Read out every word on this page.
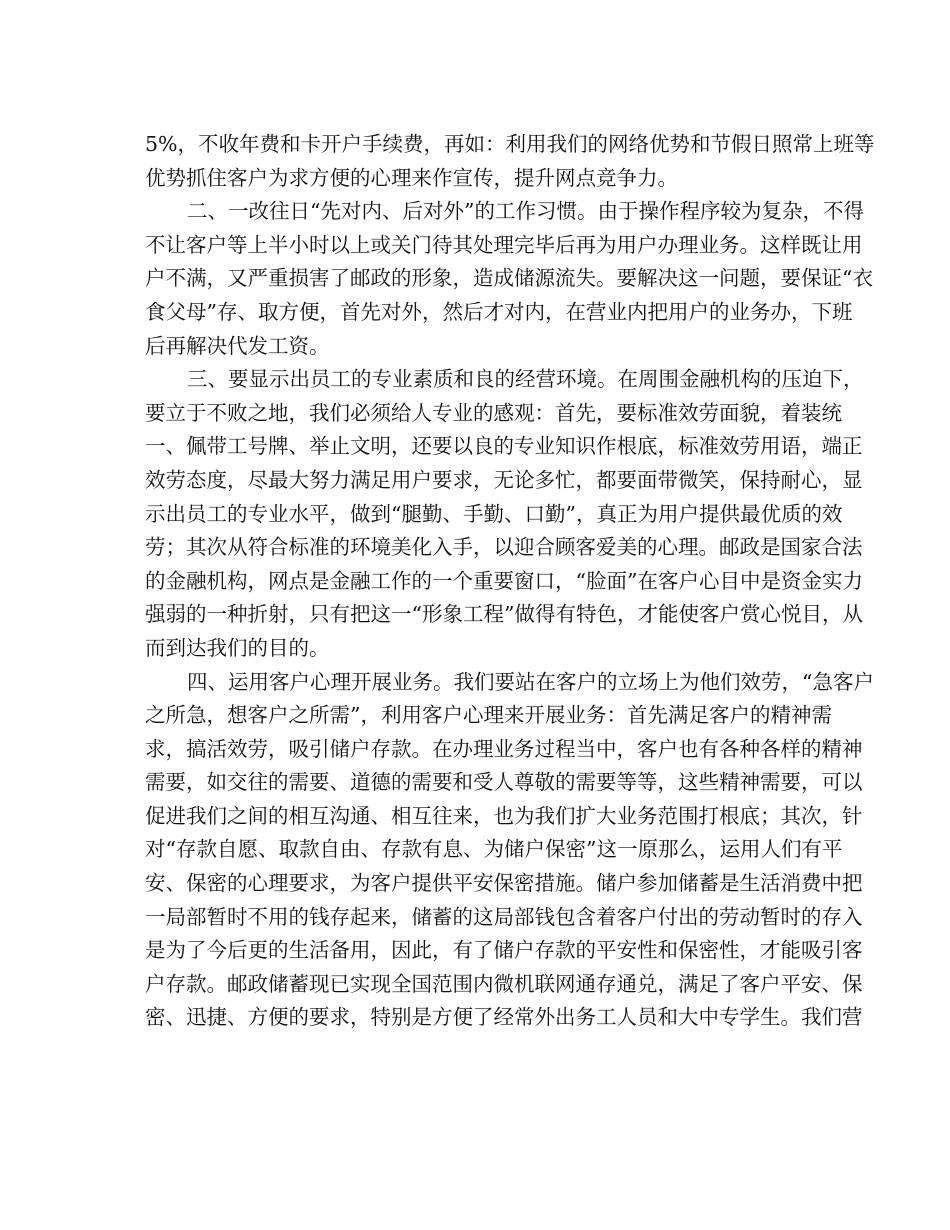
5%，不收年费和卡开户手续费，再如：利用我们的网络优势和节假日照常上班等
优势抓住客户为求方便的心理来作宣传，提升网点竞争力。
二、一改往日“先对内、后对外”的工作习惯。由于操作程序较为复杂，不得
不让客户等上半小时以上或关门待其处理完毕后再为用户办理业务。这样既让用
户不满，又严重损害了邮政的形象，造成储源流失。要解决这一问题，要保证“衣
食父母”存、取方便，首先对外，然后才对内，在营业内把用户的业务办，下班
后再解决代发工资。
三、要显示出员工的专业素质和良的经营环境。在周围金融机构的压迫下，
要立于不败之地，我们必须给人专业的感观：首先，要标准效劳面貌，着装统
一、佩带工号牌、举止文明，还要以良的专业知识作根底，标准效劳用语，端正
效劳态度，尽最大努力满足用户要求，无论多忙，都要面带微笑，保持耐心，显
示出员工的专业水平，做到“腿勤、手勤、口勤”，真正为用户提供最优质的效
劳；其次从符合标准的环境美化入手，以迎合顾客爱美的心理。邮政是国家合法
的金融机构，网点是金融工作的一个重要窗口，“脸面”在客户心目中是资金实力
强弱的一种折射，只有把这一“形象工程”做得有特色，才能使客户赏心悦目，从
而到达我们的目的。
四、运用客户心理开展业务。我们要站在客户的立场上为他们效劳，“急客户
之所急，想客户之所需”，利用客户心理来开展业务：首先满足客户的精神需
求，搞活效劳，吸引储户存款。在办理业务过程当中，客户也有各种各样的精神
需要，如交往的需要、道德的需要和受人尊敬的需要等等，这些精神需要，可以
促进我们之间的相互沟通、相互往来，也为我们扩大业务范围打根底；其次，针
对“存款自愿、取款自由、存款有息、为储户保密”这一原那么，运用人们有平
安、保密的心理要求，为客户提供平安保密措施。储户参加储蓄是生活消费中把
一局部暂时不用的钱存起来，储蓄的这局部钱包含着客户付出的劳动暂时的存入
是为了今后更的生活备用，因此，有了储户存款的平安性和保密性，才能吸引客
户存款。邮政储蓄现已实现全国范围内微机联网通存通兑，满足了客户平安、保
密、迅捷、方便的要求，特别是方便了经常外出务工人员和大中专学生。我们营
